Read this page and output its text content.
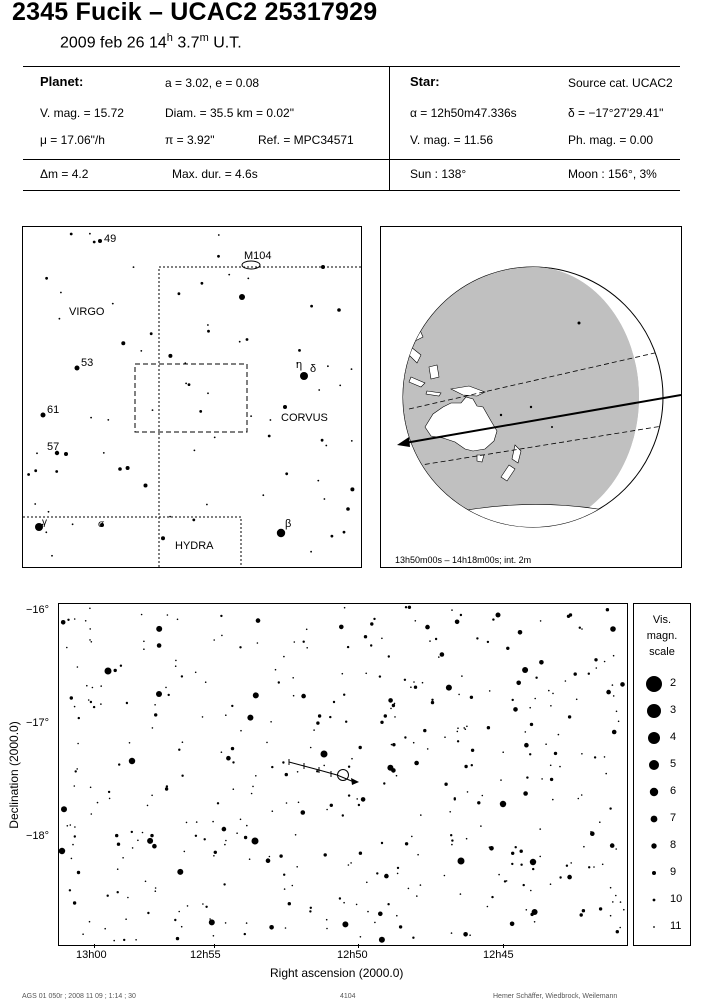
2345 Fucik – UCAC2 25317929
2009 feb 26 14$^h$ 3.7$^m$ U.T.
Planet:	a = 3.02, e = 0.08
V. mag. = 15.72	Diam. = 35.5 km = 0.02"
μ = 17.06"/h	π = 3.92"	Ref. = MPC34571
Star:	Source cat. UCAC2
α = 12h50m47.336s	δ = −17°27'29.41"
V. mag. = 11.56	Ph. mag. = 0.00
Δm = 4.2	Max. dur. = 4.6s	Sun : 138°	Moon : 156°, 3%
M104
VIRGO
CORVUS
HYDRA
49
53
61
57
η δ
β
γ	σ
13h50m00s – 14h18m00s; int. 2m
−16°
−17°
−18°
13h00	12h55	12h50	12h45
Right ascension (2000.0)
Declination (2000.0)
Vis.
magn.
scale
2
3
4
5
6
7
8
9
10
11
AGS 01 050r ; 2008 11 09 ; 1:14 ; 30	4104	Hemer Schäffer, Wiedbrock, Weilemann
